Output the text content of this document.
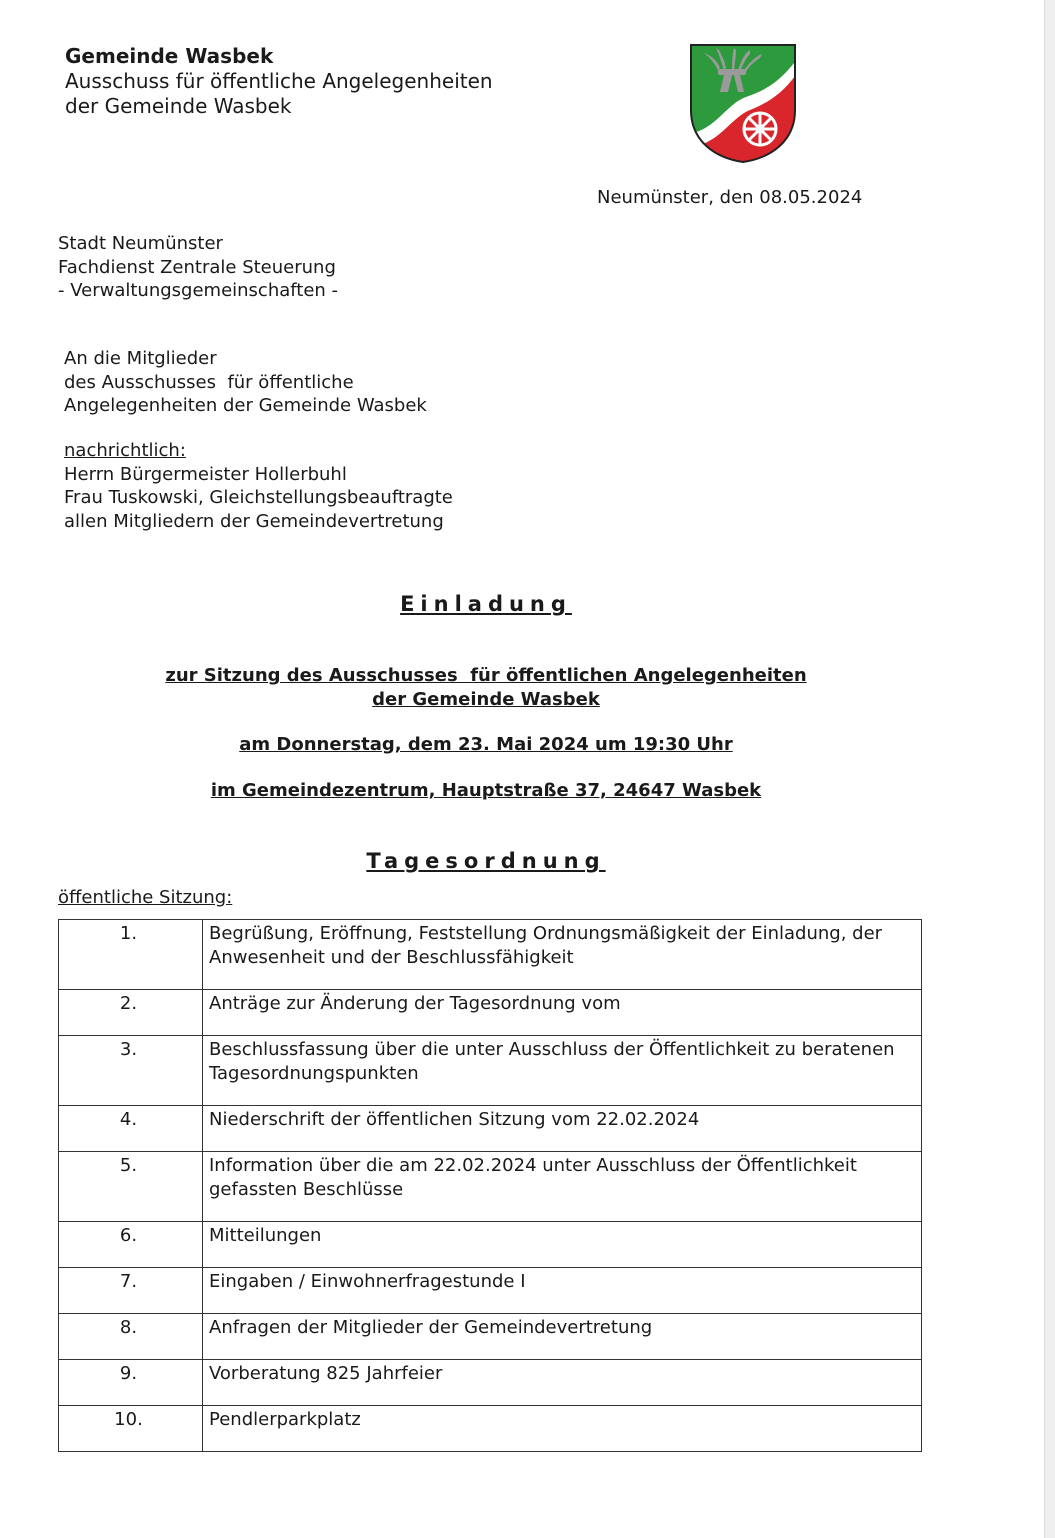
Gemeinde Wasbek
Ausschuss für öffentliche Angelegenheiten
der Gemeinde Wasbek
Neumünster, den 08.05.2024
Stadt Neumünster
Fachdienst Zentrale Steuerung
- Verwaltungsgemeinschaften -
An die Mitglieder
des Ausschusses  für öffentliche
Angelegenheiten der Gemeinde Wasbek
nachrichtlich:
Herrn Bürgermeister Hollerbuhl
Frau Tuskowski, Gleichstellungsbeauftragte
allen Mitgliedern der Gemeindevertretung
Einladung
zur Sitzung des Ausschusses  für öffentlichen Angelegenheiten
der Gemeinde Wasbek
am Donnerstag, dem 23. Mai 2024 um 19:30 Uhr
im Gemeindezentrum, Hauptstraße 37, 24647 Wasbek
Tagesordnung
öffentliche Sitzung:
1.	Begrüßung, Eröffnung, Feststellung Ordnungsmäßigkeit der Einladung, der Anwesenheit und der Beschlussfähigkeit
2.	Anträge zur Änderung der Tagesordnung vom
3.	Beschlussfassung über die unter Ausschluss der Öffentlichkeit zu beratenen Tagesordnungspunkten
4.	Niederschrift der öffentlichen Sitzung vom 22.02.2024
5.	Information über die am 22.02.2024 unter Ausschluss der Öffentlichkeit gefassten Beschlüsse
6.	Mitteilungen
7.	Eingaben / Einwohnerfragestunde I
8.	Anfragen der Mitglieder der Gemeindevertretung
9.	Vorberatung 825 Jahrfeier
10.	Pendlerparkplatz
